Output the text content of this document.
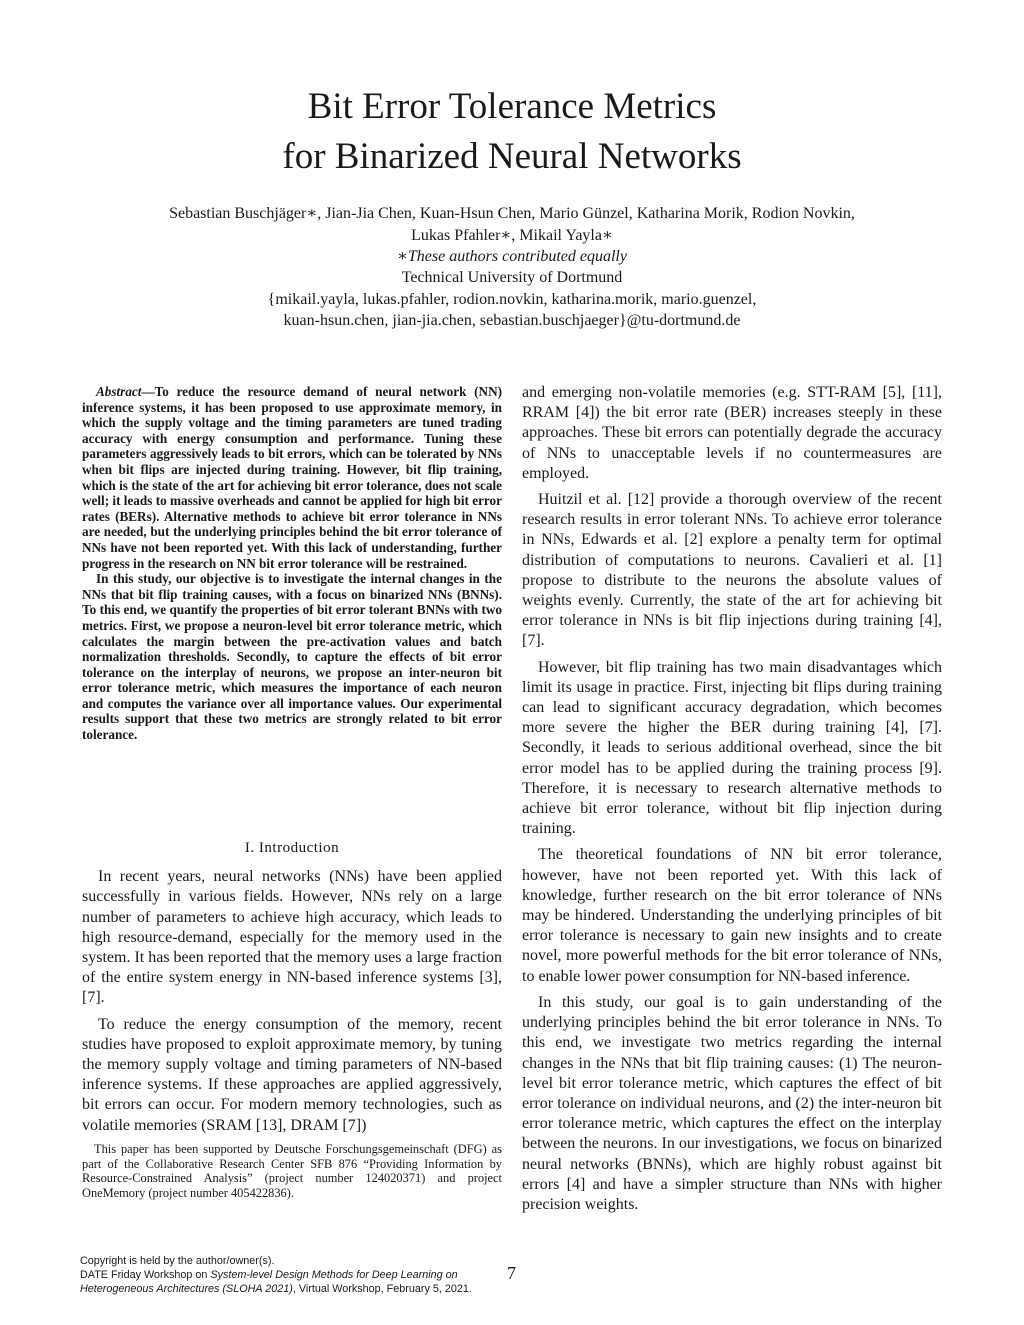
Bit Error Tolerance Metrics
for Binarized Neural Networks
Sebastian Buschjäger∗, Jian-Jia Chen, Kuan-Hsun Chen, Mario Günzel, Katharina Morik, Rodion Novkin,
Lukas Pfahler∗, Mikail Yayla∗
∗These authors contributed equally
Technical University of Dortmund
{mikail.yayla, lukas.pfahler, rodion.novkin, katharina.morik, mario.guenzel,
kuan-hsun.chen, jian-jia.chen, sebastian.buschjaeger}@tu-dortmund.de

Abstract—To reduce the resource demand of neural network (NN) inference systems, it has been proposed to use approximate memory, in which the supply voltage and the timing parameters are tuned trading accuracy with energy consumption and performance. Tuning these parameters aggressively leads to bit errors, which can be tolerated by NNs when bit flips are injected during training. However, bit flip training, which is the state of the art for achieving bit error tolerance, does not scale well; it leads to massive overheads and cannot be applied for high bit error rates (BERs). Alternative methods to achieve bit error tolerance in NNs are needed, but the underlying principles behind the bit error tolerance of NNs have not been reported yet. With this lack of understanding, further progress in the research on NN bit error tolerance will be restrained.

In this study, our objective is to investigate the internal changes in the NNs that bit flip training causes, with a focus on binarized NNs (BNNs). To this end, we quantify the properties of bit error tolerant BNNs with two metrics. First, we propose a neuron-level bit error tolerance metric, which calculates the margin between the pre-activation values and batch normalization thresholds. Secondly, to capture the effects of bit error tolerance on the interplay of neurons, we propose an inter-neuron bit error tolerance metric, which measures the importance of each neuron and computes the variance over all importance values. Our experimental results support that these two metrics are strongly related to bit error tolerance.

I. Introduction

In recent years, neural networks (NNs) have been applied successfully in various fields. However, NNs rely on a large number of parameters to achieve high accuracy, which leads to high resource-demand, especially for the memory used in the system. It has been reported that the memory uses a large fraction of the entire system energy in NN-based inference systems [3], [7].

To reduce the energy consumption of the memory, recent studies have proposed to exploit approximate memory, by tuning the memory supply voltage and timing parameters of NN-based inference systems. If these approaches are applied aggressively, bit errors can occur. For modern memory technologies, such as volatile memories (SRAM [13], DRAM [7])

This paper has been supported by Deutsche Forschungsgemeinschaft (DFG) as part of the Collaborative Research Center SFB 876 “Providing Information by Resource-Constrained Analysis” (project number 124020371) and project OneMemory (project number 405422836).

and emerging non-volatile memories (e.g. STT-RAM [5], [11], RRAM [4]) the bit error rate (BER) increases steeply in these approaches. These bit errors can potentially degrade the accuracy of NNs to unacceptable levels if no countermeasures are employed.

Huitzil et al. [12] provide a thorough overview of the recent research results in error tolerant NNs. To achieve error tolerance in NNs, Edwards et al. [2] explore a penalty term for optimal distribution of computations to neurons. Cavalieri et al. [1] propose to distribute to the neurons the absolute values of weights evenly. Currently, the state of the art for achieving bit error tolerance in NNs is bit flip injections during training [4], [7].

However, bit flip training has two main disadvantages which limit its usage in practice. First, injecting bit flips during training can lead to significant accuracy degradation, which becomes more severe the higher the BER during training [4], [7]. Secondly, it leads to serious additional overhead, since the bit error model has to be applied during the training process [9]. Therefore, it is necessary to research alternative methods to achieve bit error tolerance, without bit flip injection during training.

The theoretical foundations of NN bit error tolerance, however, have not been reported yet. With this lack of knowledge, further research on the bit error tolerance of NNs may be hindered. Understanding the underlying principles of bit error tolerance is necessary to gain new insights and to create novel, more powerful methods for the bit error tolerance of NNs, to enable lower power consumption for NN-based inference.

In this study, our goal is to gain understanding of the underlying principles behind the bit error tolerance in NNs. To this end, we investigate two metrics regarding the internal changes in the NNs that bit flip training causes: (1) The neuron-level bit error tolerance metric, which captures the effect of bit error tolerance on individual neurons, and (2) the inter-neuron bit error tolerance metric, which captures the effect on the interplay between the neurons. In our investigations, we focus on binarized neural networks (BNNs), which are highly robust against bit errors [4] and have a simpler structure than NNs with higher precision weights.

Copyright is held by the author/owner(s).
DATE Friday Workshop on System-level Design Methods for Deep Learning on
Heterogeneous Architectures (SLOHA 2021), Virtual Workshop, February 5, 2021.
7
